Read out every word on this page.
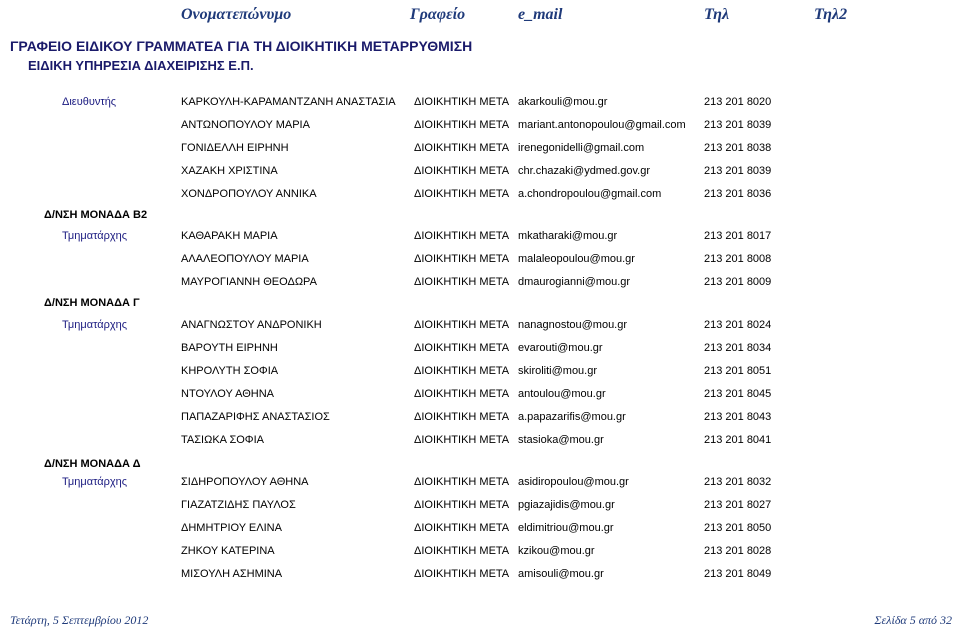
Ονοματεπώνυμο	Γραφείο	e_mail	Τηλ	Τηλ2
ΓΡΑΦΕΙΟ ΕΙΔΙΚΟΥ ΓΡΑΜΜΑΤΕΑ ΓΙΑ ΤΗ ΔΙΟΙΚΗΤΙΚΗ ΜΕΤΑΡΡΥΘΜΙΣΗ
ΕΙΔΙΚΗ ΥΠΗΡΕΣΙΑ ΔΙΑΧΕΙΡΙΣΗΣ Ε.Π.
Δ/ΝΣΗ ΜΟΝΑΔΑ Β2
Δ/ΝΣΗ ΜΟΝΑΔΑ Γ
Δ/ΝΣΗ ΜΟΝΑΔΑ Δ
Διευθυντής	ΚΑΡΚΟΥΛΗ-ΚΑΡΑΜΑΝΤΖΑΝΗ ΑΝΑΣΤΑΣΙΑ ΔΙΟΙΚΗΤΙΚΗ ΜΕΤΑ akarkouli@mou.gr	213 201 8020
ΑΝΤΩΝΟΠΟΥΛΟΥ ΜΑΡΙΑ	ΔΙΟΙΚΗΤΙΚΗ ΜΕΤΑ mariant.antonopoulou@gmail.com 213 201 8039
ΓΟΝΙΔΕΛΛΗ ΕΙΡΗΝΗ	ΔΙΟΙΚΗΤΙΚΗ ΜΕΤΑ irenegonidelli@gmail.com	213 201 8038
ΧΑΖΑΚΗ ΧΡΙΣΤΙΝΑ	ΔΙΟΙΚΗΤΙΚΗ ΜΕΤΑ chr.chazaki@ydmed.gov.gr	213 201 8039
ΧΟΝΔΡΟΠΟΥΛΟΥ ΑΝΝΙΚΑ	ΔΙΟΙΚΗΤΙΚΗ ΜΕΤΑ a.chondropoulou@gmail.com	213 201 8036
Τμηματάρχης	ΚΑΘΑΡΑΚΗ ΜΑΡΙΑ	ΔΙΟΙΚΗΤΙΚΗ ΜΕΤΑ mkatharaki@mou.gr	213 201 8017
ΑΛΑΛΕΟΠΟΥΛΟΥ ΜΑΡΙΑ	ΔΙΟΙΚΗΤΙΚΗ ΜΕΤΑ malaleopoulou@mou.gr	213 201 8008
ΜΑΥΡΟΓΙΑΝΝΗ ΘΕΟΔΩΡΑ	ΔΙΟΙΚΗΤΙΚΗ ΜΕΤΑ dmaurogianni@mou.gr	213 201 8009
Τμηματάρχης	ΑΝΑΓΝΩΣΤΟΥ ΑΝΔΡΟΝΙΚΗ	ΔΙΟΙΚΗΤΙΚΗ ΜΕΤΑ nanagnostou@mou.gr	213 201 8024
ΒΑΡΟΥΤΗ ΕΙΡΗΝΗ	ΔΙΟΙΚΗΤΙΚΗ ΜΕΤΑ evarouti@mou.gr	213 201 8034
ΚΗΡΟΛΥΤΗ ΣΟΦΙΑ	ΔΙΟΙΚΗΤΙΚΗ ΜΕΤΑ skiroliti@mou.gr	213 201 8051
ΝΤΟΥΛΟΥ ΑΘΗΝΑ	ΔΙΟΙΚΗΤΙΚΗ ΜΕΤΑ antoulou@mou.gr	213 201 8045
ΠΑΠΑΖΑΡΙΦΗΣ ΑΝΑΣΤΑΣΙΟΣ	ΔΙΟΙΚΗΤΙΚΗ ΜΕΤΑ a.papazarifis@mou.gr	213 201 8043
ΤΑΣΙΩΚΑ ΣΟΦΙΑ	ΔΙΟΙΚΗΤΙΚΗ ΜΕΤΑ stasioka@mou.gr	213 201 8041
Τμηματάρχης	ΣΙΔΗΡΟΠΟΥΛΟΥ ΑΘΗΝΑ	ΔΙΟΙΚΗΤΙΚΗ ΜΕΤΑ asidiropoulou@mou.gr	213 201 8032
ΓΙΑΖΑΤΖΙΔΗΣ ΠΑΥΛΟΣ	ΔΙΟΙΚΗΤΙΚΗ ΜΕΤΑ pgiazajidis@mou.gr	213 201 8027
ΔΗΜΗΤΡΙΟΥ ΕΛΙΝΑ	ΔΙΟΙΚΗΤΙΚΗ ΜΕΤΑ eldimitriou@mou.gr	213 201 8050
ΖΗΚΟΥ ΚΑΤΕΡΙΝΑ	ΔΙΟΙΚΗΤΙΚΗ ΜΕΤΑ kzikou@mou.gr	213 201 8028
ΜΙΣΟΥΛΗ ΑΣΗΜΙΝΑ	ΔΙΟΙΚΗΤΙΚΗ ΜΕΤΑ amisouli@mou.gr	213 201 8049
Τετάρτη, 5 Σεπτεμβρίου 2012	Σελίδα 5 από 32
